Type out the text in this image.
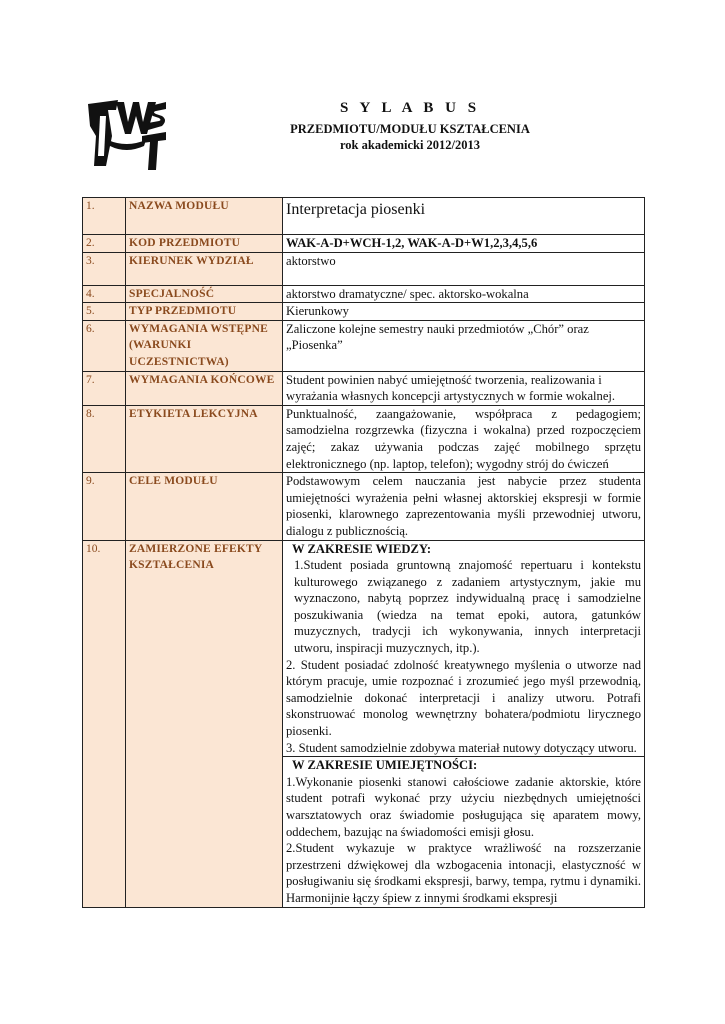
S Y L A B U S
PRZEDMIOTU/MODUŁU KSZTAŁCENIA
rok akademicki 2012/2013
1.	NAZWA MODUŁU	Interpretacja piosenki
2.	KOD PRZEDMIOTU	WAK-A-D+WCH-1,2, WAK-A-D+W1,2,3,4,5,6
3.	KIERUNEK WYDZIAŁ	aktorstwo
4.	SPECJALNOŚĆ	aktorstwo dramatyczne/ spec. aktorsko-wokalna
5.	TYP PRZEDMIOTU	Kierunkowy
6.	WYMAGANIA WSTĘPNE (WARUNKI UCZESTNICTWA)	Zaliczone kolejne semestry nauki przedmiotów „Chór” oraz „Piosenka”
7.	WYMAGANIA KOŃCOWE	Student powinien nabyć umiejętność tworzenia, realizowania i wyrażania własnych koncepcji artystycznych w formie wokalnej.
8.	ETYKIETA LEKCYJNA	Punktualność, zaangażowanie, współpraca z pedagogiem; samodzielna rozgrzewka (fizyczna i wokalna) przed rozpoczęciem zajęć; zakaz używania podczas zajęć mobilnego sprzętu elektronicznego (np. laptop, telefon); wygodny strój do ćwiczeń
9.	CELE MODUŁU	Podstawowym celem nauczania jest nabycie przez studenta umiejętności wyrażenia pełni własnej aktorskiej ekspresji w formie piosenki, klarownego zaprezentowania myśli przewodniej utworu, dialogu z publicznością.
10.	ZAMIERZONE EFEKTY KSZTAŁCENIA	W ZAKRESIE WIEDZY:
1.Student posiada gruntowną znajomość repertuaru i kontekstu kulturowego związanego z zadaniem artystycznym, jakie mu wyznaczono, nabytą poprzez indywidualną pracę i samodzielne poszukiwania (wiedza na temat epoki, autora, gatunków muzycznych, tradycji ich wykonywania, innych interpretacji utworu, inspiracji muzycznych, itp.).
2. Student posiadać zdolność kreatywnego myślenia o utworze nad którym pracuje, umie rozpoznać i zrozumieć jego myśl przewodnią, samodzielnie dokonać interpretacji i analizy utworu. Potrafi skonstruować monolog wewnętrzny bohatera/podmiotu lirycznego piosenki.
3. Student samodzielnie zdobywa materiał nutowy dotyczący utworu.

		W ZAKRESIE UMIEJĘTNOŚCI:
1.Wykonanie piosenki stanowi całościowe zadanie aktorskie, które student potrafi wykonać przy użyciu niezbędnych umiejętności warsztatowych oraz świadomie posługująca się aparatem mowy, oddechem, bazując na świadomości emisji głosu.
2.Student wykazuje w praktyce wrażliwość na rozszerzanie przestrzeni dźwiękowej dla wzbogacenia intonacji, elastyczność w posługiwaniu się środkami ekspresji, barwy, tempa, rytmu i dynamiki. Harmonijnie łączy śpiew z innymi środkami ekspresji
